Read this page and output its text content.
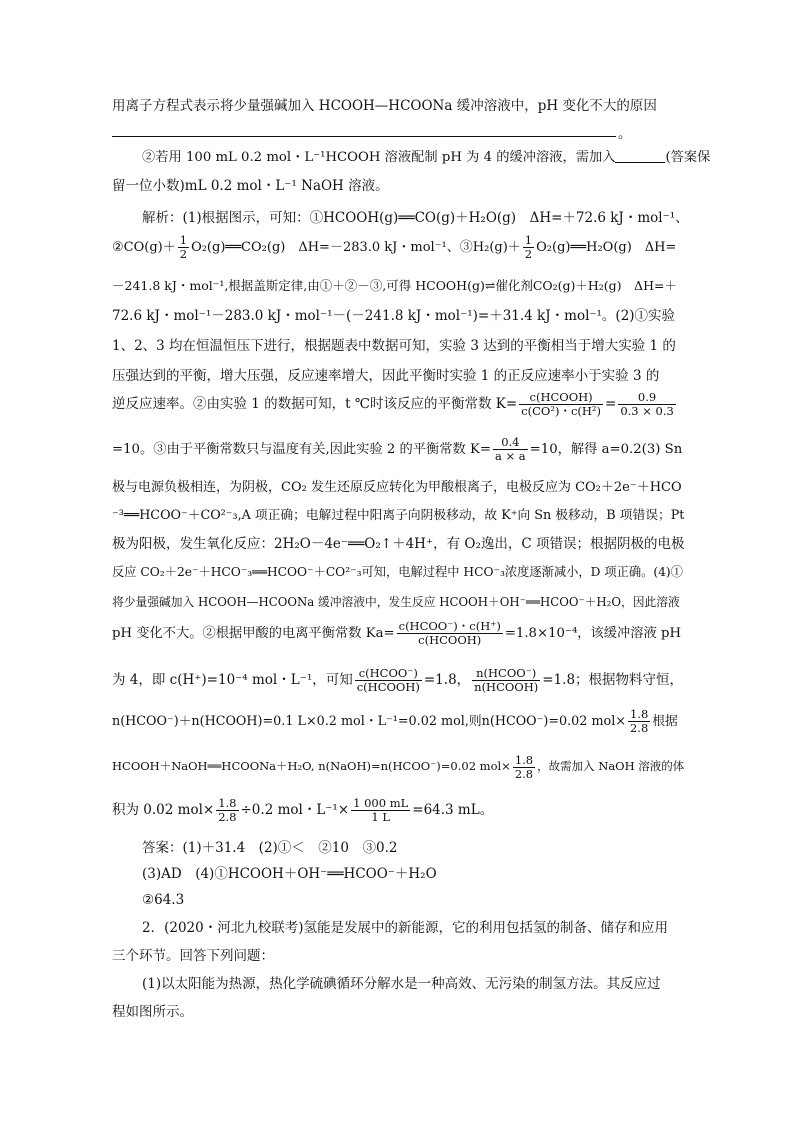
用离子方程式表示将少量强碱加入 HCOOH—HCOONa 缓冲溶液中，pH 变化不大的原因
。
②若用 100 mL 0.2 mol・L⁻¹HCOOH 溶液配制 pH 为 4 的缓冲溶液，需加入	(答案保
留一位小数)mL 0.2 mol・L⁻¹ NaOH 溶液。
解析：(1)根据图示，可知：①HCOOH(g)══CO(g)＋H₂O(g)　ΔH=＋72.6 kJ・mol⁻¹、
②CO(g)＋ $\frac{1}{2}$ O₂(g)══CO₂(g)　ΔH=－283.0 kJ・mol⁻¹、③H₂(g)＋ $\frac{1}{2}$ O₂(g)══H₂O(g)　ΔH=
－241.8 kJ・mol⁻¹,根据盖斯定律,由①＋②－③,可得 HCOOH(g)⇌催化剂CO₂(g)＋H₂(g)　ΔH=＋
72.6 kJ・mol⁻¹－283.0 kJ・mol⁻¹－(－241.8 kJ・mol⁻¹)=＋31.4 kJ・mol⁻¹。(2)①实验
1、2、3 均在恒温恒压下进行，根据题表中数据可知，实验 3 达到的平衡相当于增大实验 1 的
压强达到的平衡，增大压强，反应速率增大，因此平衡时实验 1 的正反应速率小于实验 3 的
逆反应速率。②由实验 1 的数据可知，t ℃时该反应的平衡常数 $K= \frac{\text{c(HCOOH)}}{\text{c(CO²)・c(H²)}} = \frac{0.9}{0.3 \times 0.3}$
=10。③由于平衡常数只与温度有关,因此实验 2 的平衡常数 $K= \frac{0.4}{a \times a} =10$，解得 a=0.2(3) Sn
极与电源负极相连，为阴极，CO₂ 发生还原反应转化为甲酸根离子，电极反应为 CO₂＋2e⁻＋HCO
⁻³══HCOO⁻＋CO²⁻₃,A 项正确；电解过程中阳离子向阴极移动，故 K⁺向 Sn 极移动，B 项错误；Pt
极为阳极，发生氧化反应：2H₂O－4e⁻══O₂↑＋4H⁺，有 O₂逸出，C 项错误；根据阴极的电极
反应 CO₂＋2e⁻＋HCO⁻₃══HCOO⁻＋CO²⁻₃可知，电解过程中 HCO⁻₃浓度逐渐减小，D 项正确。(4)①
将少量强碱加入 HCOOH—HCOONa 缓冲溶液中，发生反应 HCOOH＋OH⁻══HCOO⁻＋H₂O，因此溶液
pH 变化不大。②根据甲酸的电离平衡常数 $Ka= \frac{\text{c(HCOO⁻)・c(H⁺)}}{\text{c(HCOOH)}} =1.8\times 10^{-4}$，该缓冲溶液 pH
为 4，即 c(H⁺)=10⁻⁴ mol・L⁻¹，可知 $\frac{\text{c(HCOO⁻)}}{\text{c(HCOOH)}} =1.8$， $\frac{\text{n(HCOO⁻)}}{\text{n(HCOOH)}} =1.8$；根据物料守恒，
n(HCOO⁻)＋n(HCOOH)=0.1 L×0.2 mol・L⁻¹=0.02 mol,则n(HCOO⁻)=0.02 $mol\times \frac{1.8}{2.8}$ 根据
HCOOH＋NaOH══HCOONa＋H₂O, n(NaOH)=n(HCOO⁻)=0.02 $mol\times \frac{1.8}{2.8}$ ，故需加入 NaOH 溶液的体
积为 0.02 $mol\times \frac{1.8}{2.8} \div 0.2$ mol・$L^{-1}\times \frac{1 000 mL}{1 L} =64.3$ mL。
答案：(1)＋31.4　(2)①＜　②10　③0.2
(3)AD　(4)①HCOOH＋OH⁻══HCOO⁻＋H₂O
②64.3
2．(2020・河北九校联考)氢能是发展中的新能源，它的利用包括氢的制备、储存和应用
三个环节。回答下列问题：
(1)以太阳能为热源，热化学硫碘循环分解水是一种高效、无污染的制氢方法。其反应过
程如图所示。
